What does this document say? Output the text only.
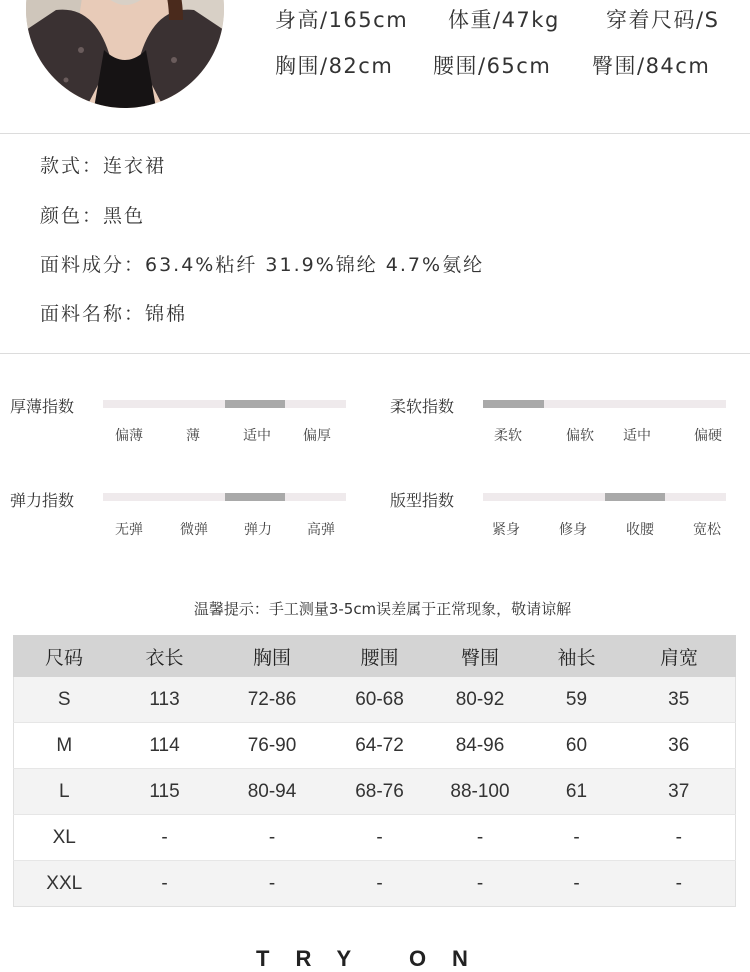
身高/165cm 体重/47kg 穿着尺码/S
胸围/82cm 腰围/65cm 臀围/84cm
款式：连衣裙
颜色：黑色
面料成分：63.4%粘纤 31.9%锦纶 4.7%氨纶
面料名称：锦棉
厚薄指数
偏薄	薄	适中 偏厚
柔软指数
柔软	偏软 适中	偏硬
弹力指数
无弹	微弹	弹力	高弹
版型指数
紧身	修身	收腰	宽松
温馨提示：手工测量3-5cm误差属于正常现象，敬请谅解
尺码	衣长	胸围	腰围	臀围	袖长	肩宽
S	113	72-86	60-68	80-92	59	35
M	114	76-90	64-72	84-96	60	36
L	115	80-94	68-76	88-100	61	37
XL	-	-	-	-	-	-
XXL	-	-	-	-	-	-
TRY ON
